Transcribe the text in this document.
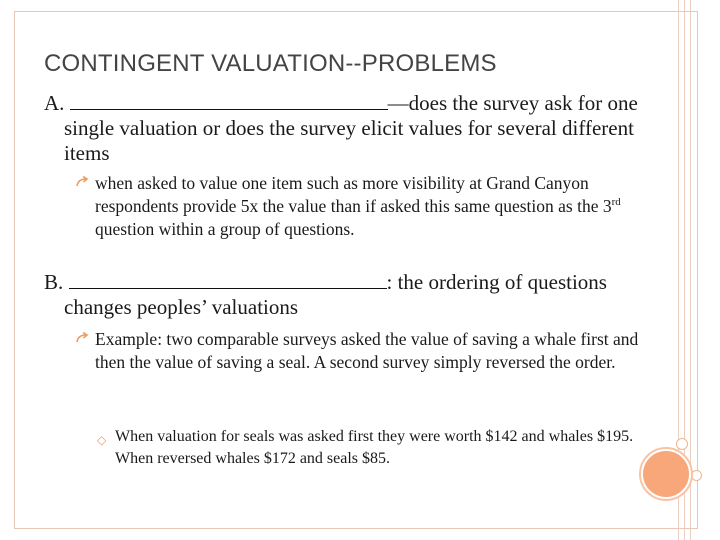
CONTINGENT VALUATION--PROBLEMS
A.	—does the survey ask for one single valuation or does the survey elicit values for several different items
when asked to value one item such as more visibility at Grand Canyon respondents provide 5x the value than if asked this same question as the 3rd question within a group of questions.
B.	: the ordering of questions changes peoples’ valuations
Example: two comparable surveys asked the value of saving a whale first and then the value of saving a seal. A second survey simply reversed the order.
◇ When valuation for seals was asked first they were worth $142 and whales $195. When reversed whales $172 and seals $85.
